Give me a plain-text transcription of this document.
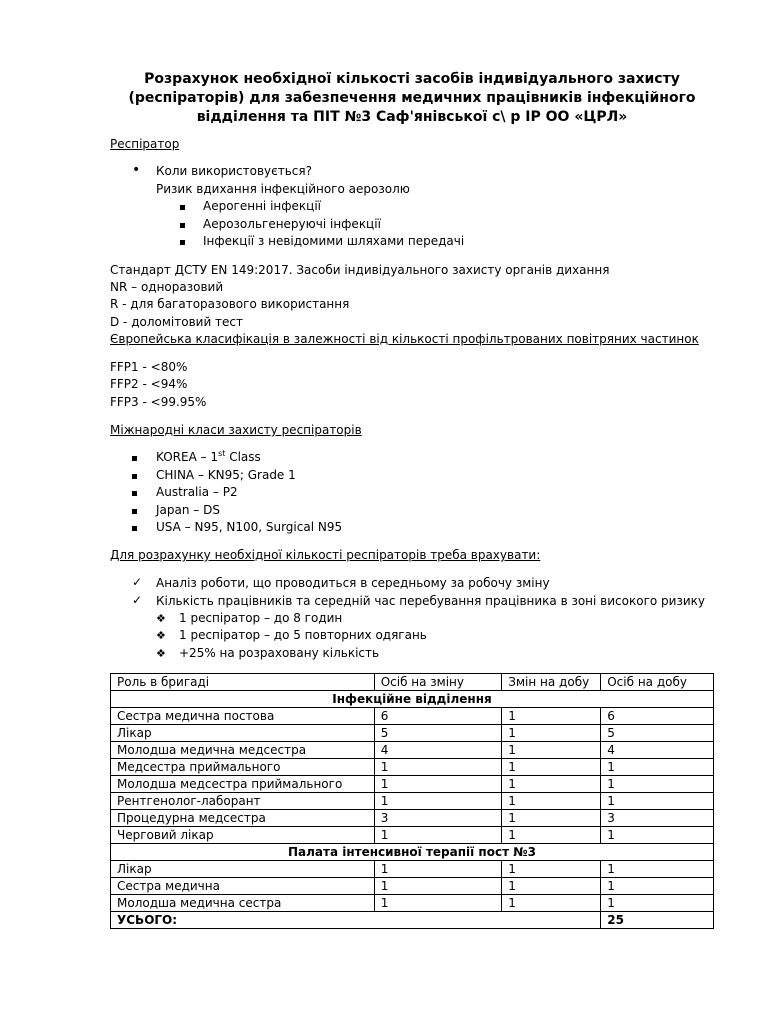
Розрахунок необхідної кількості засобів індивідуального захисту (респіраторів) для забезпечення медичних працівників інфекційного відділення та ПІТ №3 Саф'янівської с\ р ІР ОО «ЦРЛ»
Респіратор
• Коли використовується?
Ризик вдихання інфекційного аерозолю
Аерогенні інфекції
Аерозольгенеруючі інфекції
Інфекції з невідомими шляхами передачі
Стандарт ДСТУ EN 149:2017. Засоби індивідуального захисту органів дихання
NR – одноразовий
R - для багаторазового використання
D - доломітовий тест
Європейська класифікація в залежності від кількості профільтрованих повітряних частинок
FFP1 - <80%
FFP2 - <94%
FFP3 - <99.95%
Міжнародні класи захисту респіраторів
KOREA – 1st Class
CHINA – KN95; Grade 1
Australia – P2
Japan – DS
USA – N95, N100, Surgical N95
Для розрахунку необхідної кількості респіраторів треба врахувати:
✓ Аналіз роботи, що проводиться в середньому за робочу зміну
✓ Кількість працівників та середній час перебування працівника в зоні високого ризику
❖ 1 респіратор – до 8 годин
❖ 1 респіратор – до 5 повторних одягань
❖ +25% на розраховану кількість
Роль в бригаді	Осіб на зміну	Змін на добу	Осіб на добу
Інфекційне відділення			
Сестра медична постова	6	1	6
Лікар	5	1	5
Молодша медична медсестра	4	1	4
Медсестра приймального	1	1	1
Молодша медсестра приймального	1	1	1
Рентгенолог-лаборант	1	1	1
Процедурна медсестра	3	1	3
Черговий лікар	1	1	1
Палата інтенсивної терапії пост №3			
Лікар	1	1	1
Сестра медична	1	1	1
Молодша медична сестра	1	1	1
УСЬОГО:			25
